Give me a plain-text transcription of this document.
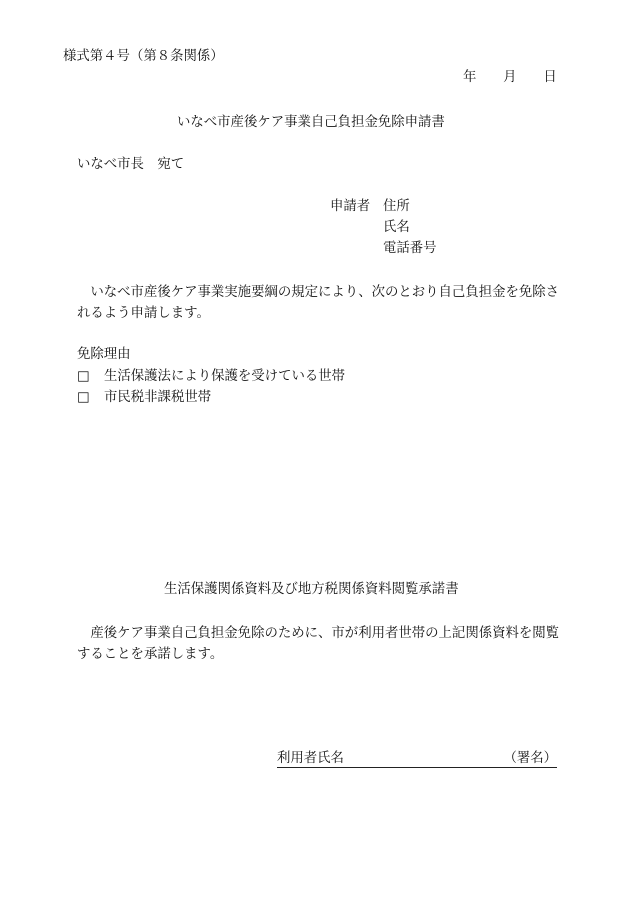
様式第４号（第８条関係）
年　　月　　日
いなべ市産後ケア事業自己負担金免除申請書
いなべ市長　宛て
申請者 住所
氏名
電話番号
　いなべ市産後ケア事業実施要綱の規定により、次のとおり自己負担金を免除さ
れるよう申請します。
免除理由
□ 生活保護法により保護を受けている世帯
□ 市民税非課税世帯
生活保護関係資料及び地方税関係資料閲覧承諾書
　産後ケア事業自己負担金免除のために、市が利用者世帯の上記関係資料を閲覧
することを承諾します。
利用者氏名	（署名）
